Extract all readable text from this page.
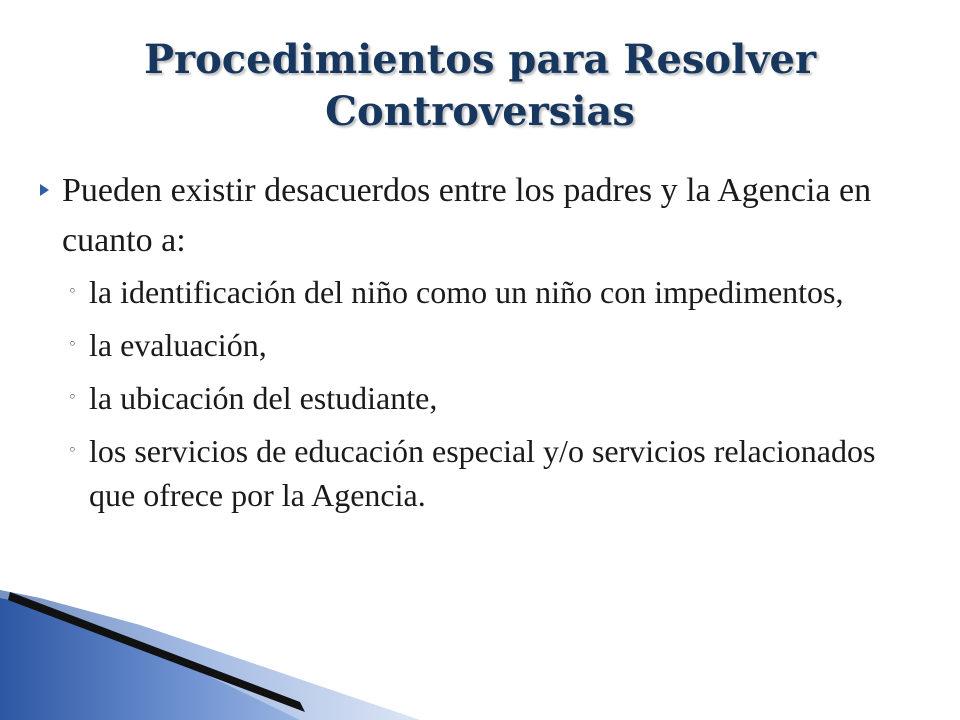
Procedimientos para Resolver
Controversias
Pueden existir desacuerdos entre los padres y la Agencia en cuanto a:
◦ la identificación del niño como un niño con impedimentos,
◦ la evaluación,
◦ la ubicación del estudiante,
◦ los servicios de educación especial y/o servicios relacionados que ofrece por la Agencia.
